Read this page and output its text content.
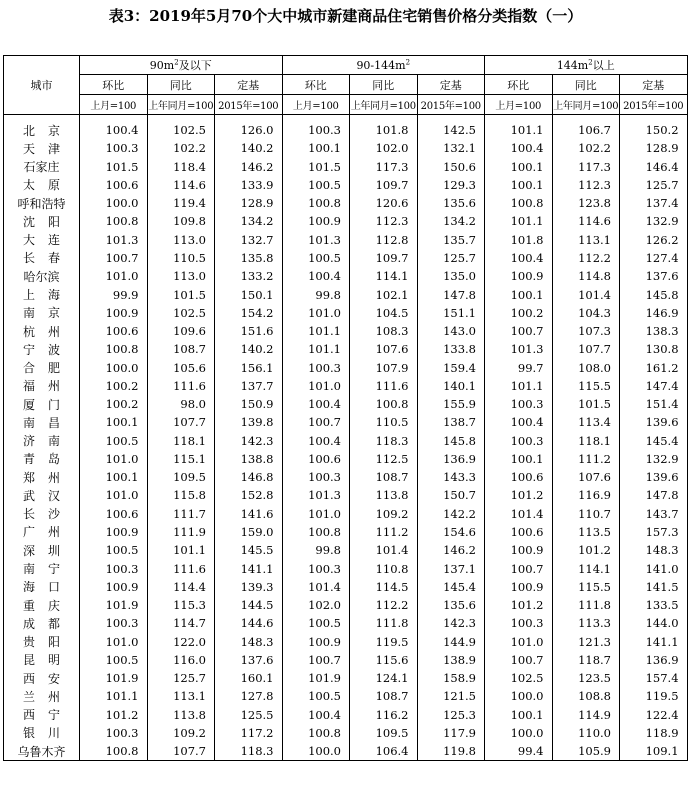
表3：2019年5月70个大中城市新建商品住宅销售价格分类指数（一）
城市	$90m^2$及以下			$90-144m^2$			$144m^2$以上		
	环比	同比	定基	环比	同比	定基	环比	同比	定基
	上月=100	上年同月=100	2015年=100	上月=100	上年同月=100	2015年=100	上月=100	上年同月=100	2015年=100
北京	100.4	102.5	126.0	100.3	101.8	142.5	101.1	106.7	150.2
天津	100.3	102.2	140.2	100.1	102.0	132.1	100.4	102.2	128.9
石家庄	101.5	118.4	146.2	101.5	117.3	150.6	100.1	117.3	146.4
太原	100.6	114.6	133.9	100.5	109.7	129.3	100.1	112.3	125.7
呼和浩特	100.0	119.4	128.9	100.8	120.6	135.6	100.8	123.8	137.4
沈阳	100.8	109.8	134.2	100.9	112.3	134.2	101.1	114.6	132.9
大连	101.3	113.0	132.7	101.3	112.8	135.7	101.8	113.1	126.2
长春	100.7	110.5	135.8	100.5	109.7	125.7	100.4	112.2	127.4
哈尔滨	101.0	113.0	133.2	100.4	114.1	135.0	100.9	114.8	137.6
上海	99.9	101.5	150.1	99.8	102.1	147.8	100.1	101.4	145.8
南京	100.9	102.5	154.2	101.0	104.5	151.1	100.2	104.3	146.9
杭州	100.6	109.6	151.6	101.1	108.3	143.0	100.7	107.3	138.3
宁波	100.8	108.7	140.2	101.1	107.6	133.8	101.3	107.7	130.8
合肥	100.0	105.6	156.1	100.3	107.9	159.4	99.7	108.0	161.2
福州	100.2	111.6	137.7	101.0	111.6	140.1	101.1	115.5	147.4
厦门	100.2	98.0	150.9	100.4	100.8	155.9	100.3	101.5	151.4
南昌	100.1	107.7	139.8	100.7	110.5	138.7	100.4	113.4	139.6
济南	100.5	118.1	142.3	100.4	118.3	145.8	100.3	118.1	145.4
青岛	101.0	115.1	138.8	100.6	112.5	136.9	100.1	111.2	132.9
郑州	100.1	109.5	146.8	100.3	108.7	143.3	100.6	107.6	139.6
武汉	101.0	115.8	152.8	101.3	113.8	150.7	101.2	116.9	147.8
长沙	100.6	111.7	141.6	101.0	109.2	142.2	101.4	110.7	143.7
广州	100.9	111.9	159.0	100.8	111.2	154.6	100.6	113.5	157.3
深圳	100.5	101.1	145.5	99.8	101.4	146.2	100.9	101.2	148.3
南宁	100.3	111.6	141.1	100.3	110.8	137.1	100.7	114.1	141.0
海口	100.9	114.4	139.3	101.4	114.5	145.4	100.9	115.5	141.5
重庆	101.9	115.3	144.5	102.0	112.2	135.6	101.2	111.8	133.5
成都	100.3	114.7	144.6	100.5	111.8	142.3	100.3	113.3	144.0
贵阳	101.0	122.0	148.3	100.9	119.5	144.9	101.0	121.3	141.1
昆明	100.5	116.0	137.6	100.7	115.6	138.9	100.7	118.7	136.9
西安	101.9	125.7	160.1	101.9	124.1	158.9	102.5	123.5	157.4
兰州	101.1	113.1	127.8	100.5	108.7	121.5	100.0	108.8	119.5
西宁	101.2	113.8	125.5	100.4	116.2	125.3	100.1	114.9	122.4
银川	100.3	109.2	117.2	100.8	109.5	117.9	100.0	110.0	118.9
乌鲁木齐	100.8	107.7	118.3	100.0	106.4	119.8	99.4	105.9	109.1
